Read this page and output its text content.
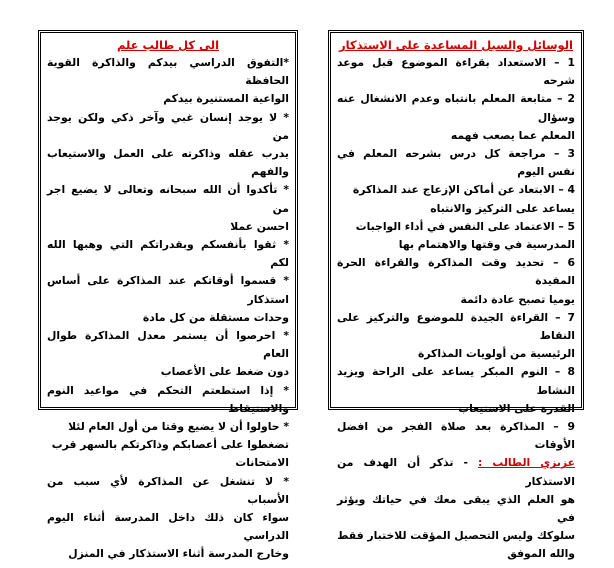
الى كل طالب علم
*التفوق الدراسي بيدكم والذاكرة القوية الحافظة
الواعية المستنيرة بيدكم
* لا يوجد إنسان غبي وآخر ذكي ولكن يوجد من
يدرب عقله وذاكرته على العمل والاستيعاب والفهم
* تأكدوا أن الله سبحانه وتعالى لا يضيع اجر من
احسن عملا
* ثقوا بأنفسكم وبقدراتكم التي وهبها الله لكم
* قسموا أوقاتكم عند المذاكرة على أساس استذكار
وحدات مستقلة من كل مادة
* احرصوا أن يستمر معدل المذاكرة طوال العام
دون ضغط على الأعصاب
* إذا استطعتم التحكم في مواعيد النوم والاستيقاظ
* حاولوا أن لا يضيع وقتا من أول العام لئلا
تضغطوا على أعصابكم وذاكرتكم بالسهر قرب
الامتحانات
* لا تنشغل عن المذاكرة لأي سبب من الأسباب
سواء كان ذلك داخل المدرسة أثناء اليوم الدراسي
وخارج المدرسة أثناء الاستذكار في المنزل
الوسائل والسبل المساعدة على الاستذكار
1 – الاستعداد بقراءة الموضوع قبل موعد شرحه
2 – متابعة المعلم بانتباه وعدم الانشغال عنه وسؤال
المعلم عما يصعب فهمه
3 – مراجعة كل درس بشرحه المعلم في نفس اليوم
4 – الابتعاد عن أماكن الإزعاج عند المذاكرة
يساعد على التركيز والانتباه
5 – الاعتماد على النفس في أداء الواجبات
المدرسية في وقتها والاهتمام بها
6 – تحديد وقت المذاكرة والقراءة الحرة المفيدة
يوميا تصبح عادة دائمة
7 – القراءة الجيدة للموضوع والتركيز على النقاط
الرئيسية من أولويات المذاكرة
8 – النوم المبكر يساعد على الراحة ويزيد النشاط
القدرة على الاستيعاب
9 – المذاكرة بعد صلاة الفجر من افضل الأوقات
عزيزي الطالب : - تذكر أن الهدف من الاستذكار
هو العلم الذي يبقى معك في حياتك ويؤثر في
سلوكك وليس التحصيل المؤقت للاختبار فقط
والله الموفق
